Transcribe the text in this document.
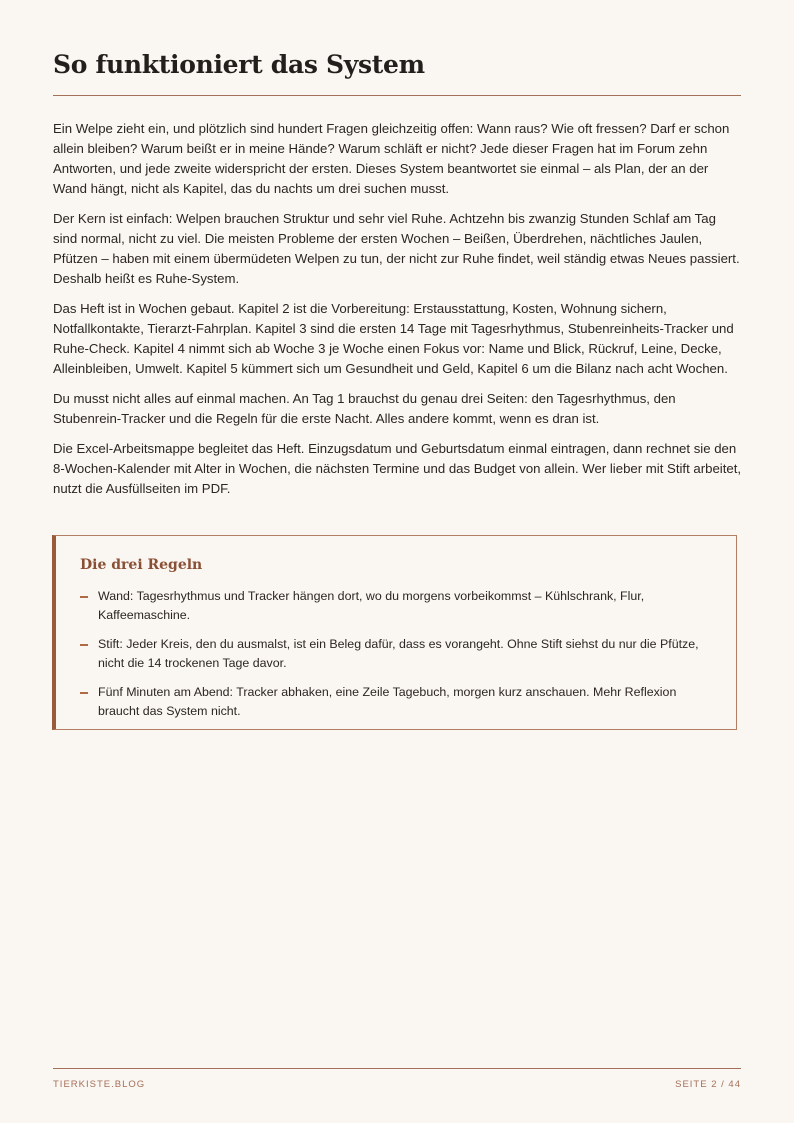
So funktioniert das System

Ein Welpe zieht ein, und plötzlich sind hundert Fragen gleichzeitig offen: Wann raus? Wie oft fressen? Darf er schon allein bleiben? Warum beißt er in meine Hände? Warum schläft er nicht? Jede dieser Fragen hat im Forum zehn Antworten, und jede zweite widerspricht der ersten. Dieses System beantwortet sie einmal – als Plan, der an der Wand hängt, nicht als Kapitel, das du nachts um drei suchen musst.

Der Kern ist einfach: Welpen brauchen Struktur und sehr viel Ruhe. Achtzehn bis zwanzig Stunden Schlaf am Tag sind normal, nicht zu viel. Die meisten Probleme der ersten Wochen – Beißen, Überdrehen, nächtliches Jaulen, Pfützen – haben mit einem übermüdeten Welpen zu tun, der nicht zur Ruhe findet, weil ständig etwas Neues passiert. Deshalb heißt es Ruhe-System.

Das Heft ist in Wochen gebaut. Kapitel 2 ist die Vorbereitung: Erstausstattung, Kosten, Wohnung sichern, Notfallkontakte, Tierarzt-Fahrplan. Kapitel 3 sind die ersten 14 Tage mit Tagesrhythmus, Stubenreinheits-Tracker und Ruhe-Check. Kapitel 4 nimmt sich ab Woche 3 je Woche einen Fokus vor: Name und Blick, Rückruf, Leine, Decke, Alleinbleiben, Umwelt. Kapitel 5 kümmert sich um Gesundheit und Geld, Kapitel 6 um die Bilanz nach acht Wochen.

Du musst nicht alles auf einmal machen. An Tag 1 brauchst du genau drei Seiten: den Tagesrhythmus, den Stubenrein-Tracker und die Regeln für die erste Nacht. Alles andere kommt, wenn es dran ist.

Die Excel-Arbeitsmappe begleitet das Heft. Einzugsdatum und Geburtsdatum einmal eintragen, dann rechnet sie den 8-Wochen-Kalender mit Alter in Wochen, die nächsten Termine und das Budget von allein. Wer lieber mit Stift arbeitet, nutzt die Ausfüllseiten im PDF.

Die drei Regeln
Wand: Tagesrhythmus und Tracker hängen dort, wo du morgens vorbeikommst – Kühlschrank, Flur, Kaffeemaschine.
Stift: Jeder Kreis, den du ausmalst, ist ein Beleg dafür, dass es vorangeht. Ohne Stift siehst du nur die Pfütze, nicht die 14 trockenen Tage davor.
Fünf Minuten am Abend: Tracker abhaken, eine Zeile Tagebuch, morgen kurz anschauen. Mehr Reflexion braucht das System nicht.
TIERKISTE.BLOG	SEITE 2 / 44
